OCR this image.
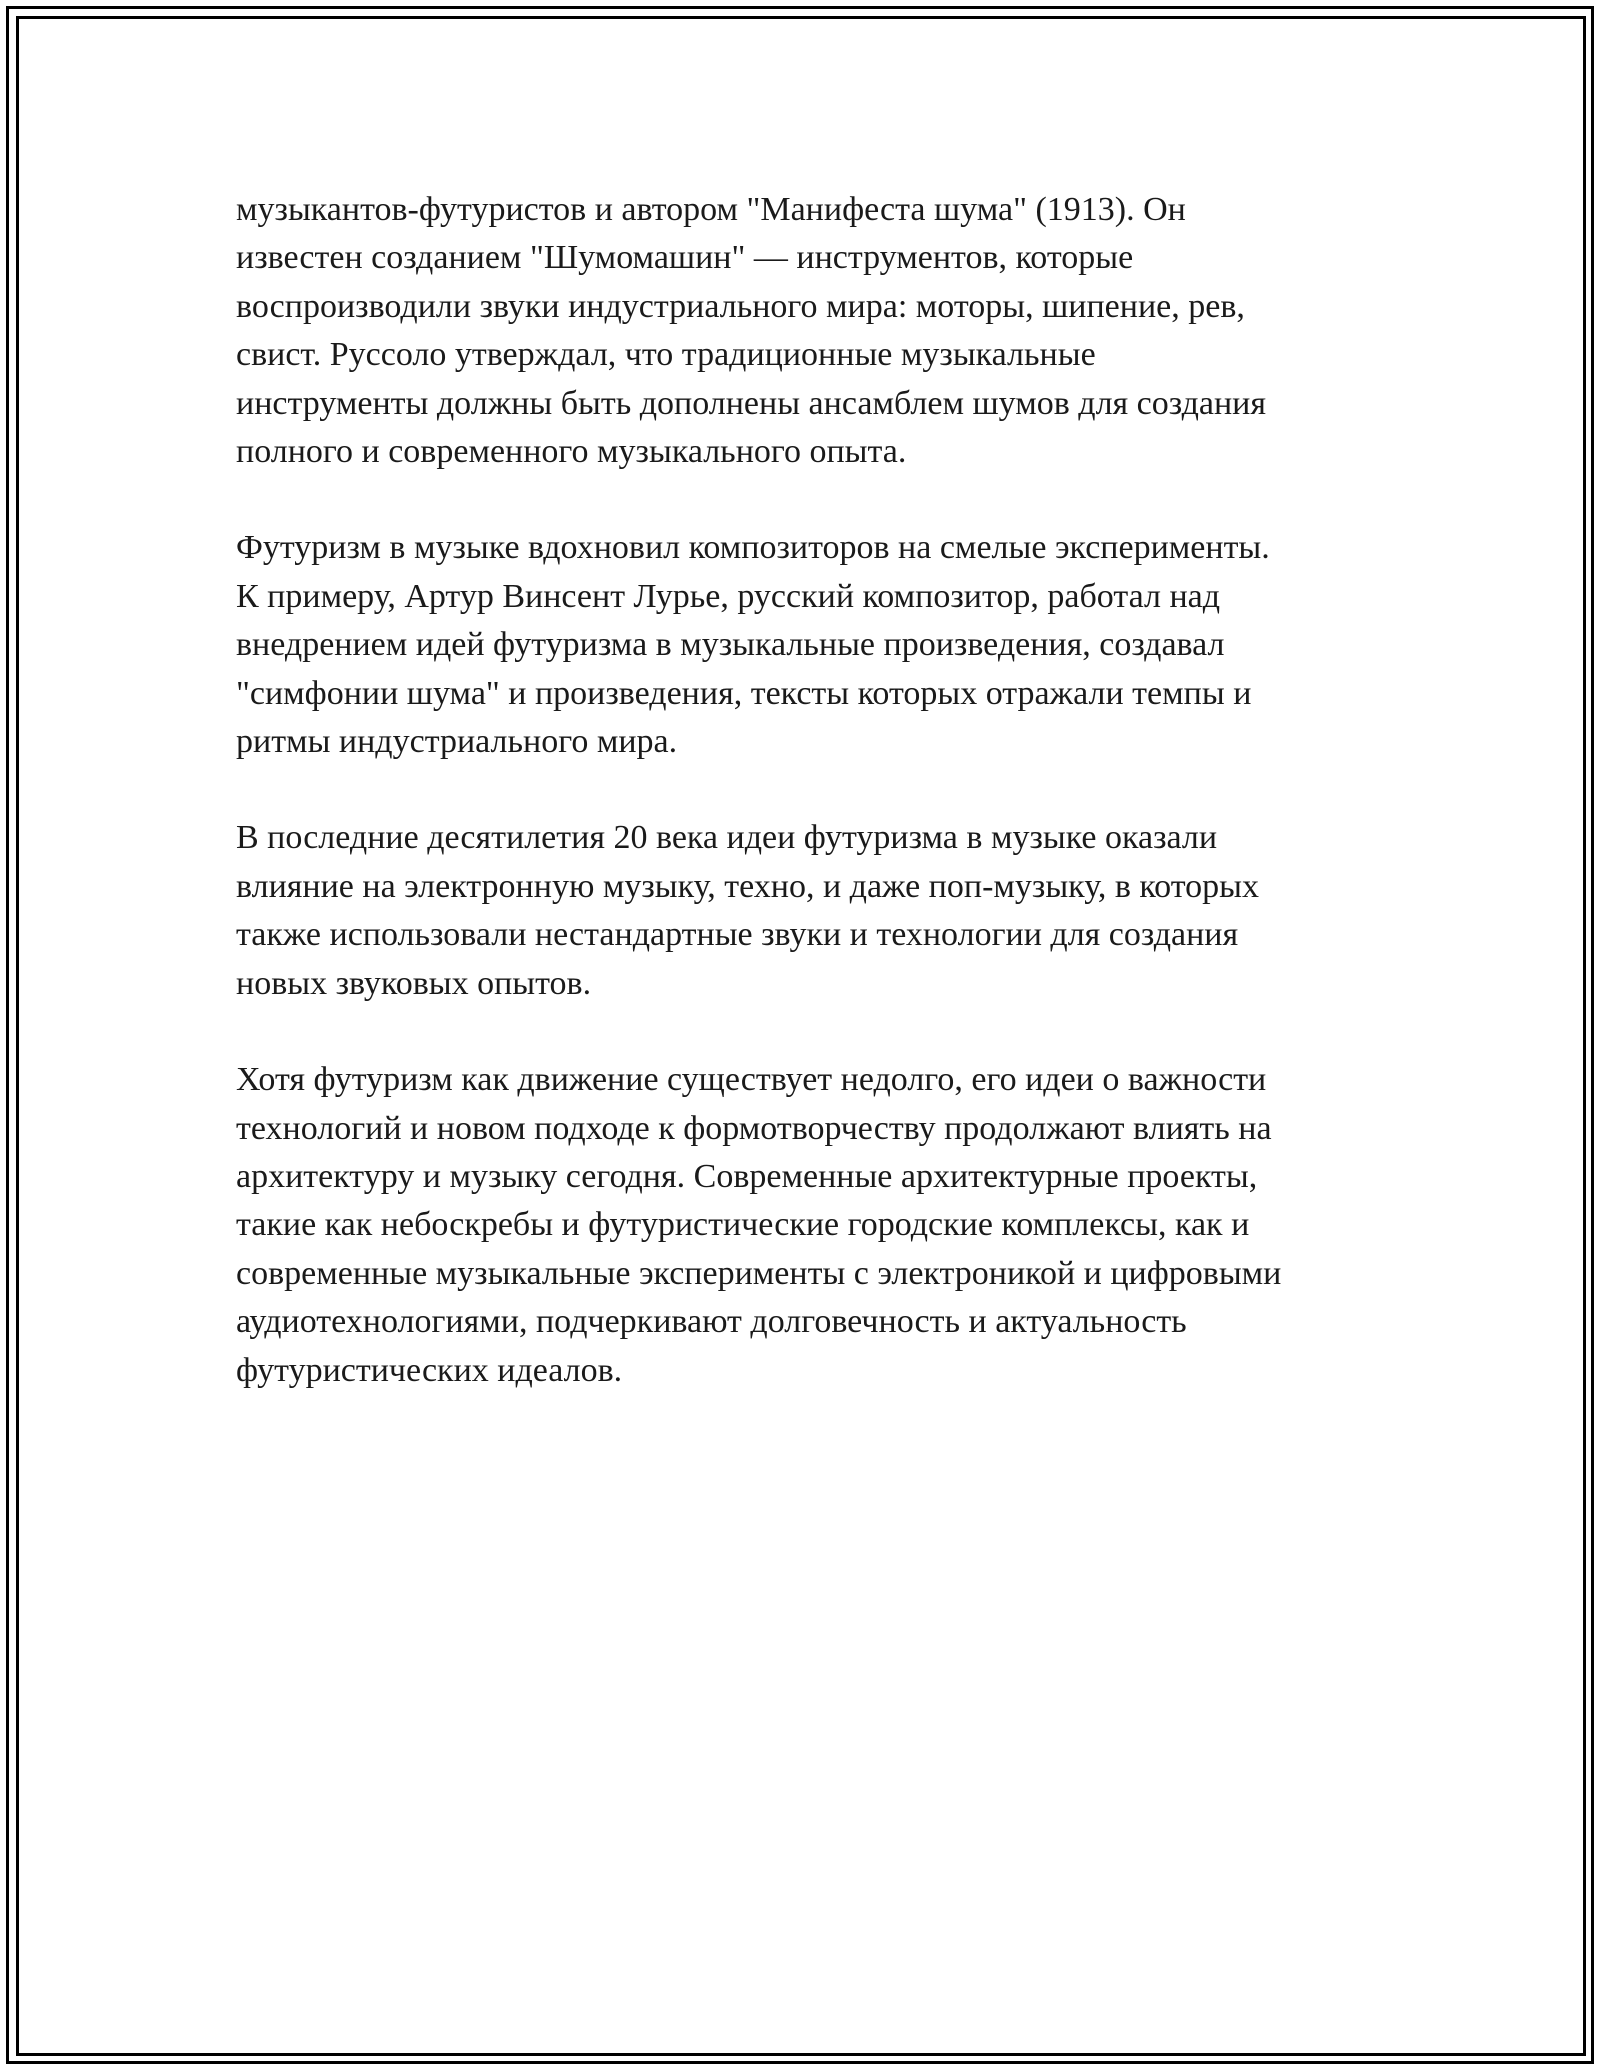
музыкантов-футуристов и автором "Манифеста шума" (1913). Он
известен созданием "Шумомашин" — инструментов, которые
воспроизводили звуки индустриального мира: моторы, шипение, рев,
свист. Руссоло утверждал, что традиционные музыкальные
инструменты должны быть дополнены ансамблем шумов для создания
полного и современного музыкального опыта.

Футуризм в музыке вдохновил композиторов на смелые эксперименты.
К примеру, Артур Винсент Лурье, русский композитор, работал над
внедрением идей футуризма в музыкальные произведения, создавал
"симфонии шума" и произведения, тексты которых отражали темпы и
ритмы индустриального мира.

В последние десятилетия 20 века идеи футуризма в музыке оказали
влияние на электронную музыку, техно, и даже поп-музыку, в которых
также использовали нестандартные звуки и технологии для создания
новых звуковых опытов.

Хотя футуризм как движение существует недолго, его идеи о важности
технологий и новом подходе к формотворчеству продолжают влиять на
архитектуру и музыку сегодня. Современные архитектурные проекты,
такие как небоскребы и футуристические городские комплексы, как и
современные музыкальные эксперименты с электроникой и цифровыми
аудиотехнологиями, подчеркивают долговечность и актуальность
футуристических идеалов.
